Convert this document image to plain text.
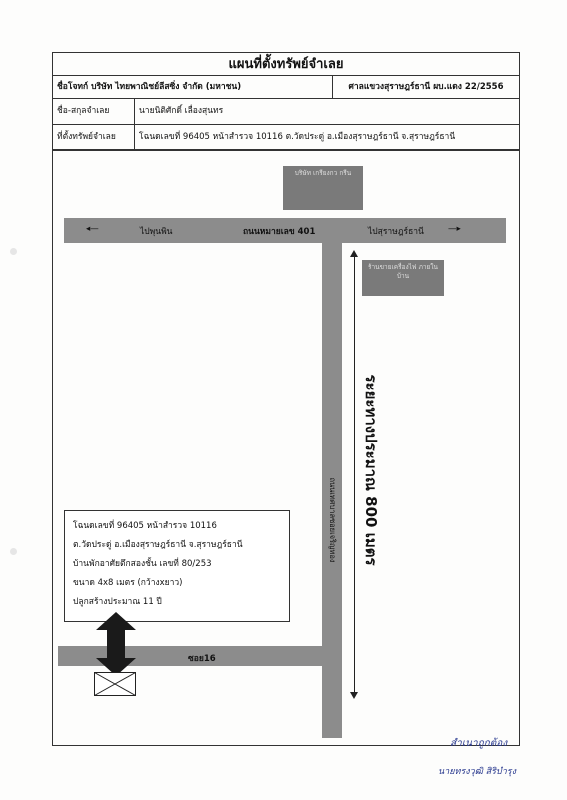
แผนที่ตั้งทรัพย์จำเลย
ชื่อโจทก์ บริษัท ไทยพาณิชย์ลีสซิ่ง จำกัด (มหาชน)	ศาลแขวงสุราษฎร์ธานี ผบ.แดง 22/2556
ชื่อ-สกุลจำเลย	นายนิติศักดิ์ เลื่องสุนทร
ที่ตั้งทรัพย์จำเลย	โฉนดเลขที่ 96405 หน้าสำรวจ 10116 ต.วัดประดู่ อ.เมืองสุราษฎร์ธานี จ.สุราษฎร์ธานี
บริษัท เกรียงกว กรีน
◂—	ไปพุนพิน	ถนนหมายเลข 401	ไปสุราษฎร์ธานี	—▸
ร้านขายเครื่องไฟ ภายในบ้าน
ถนนเทศบาลซอยเจริญทอง ระยะทางประมาณ 800 เมตร
ซอย16
โฉนดเลขที่ 96405 หน้าสำรวจ 10116
ต.วัดประดู่ อ.เมืองสุราษฎร์ธานี จ.สุราษฎร์ธานี
บ้านพักอาศัยตึกสองชั้น เลขที่ 80/253
ขนาด 4x8 เมตร (กว้างxยาว)
ปลูกสร้างประมาณ 11 ปี
สำเนาถูกต้อง
นายทรงวุฒิ สิริบำรุง
